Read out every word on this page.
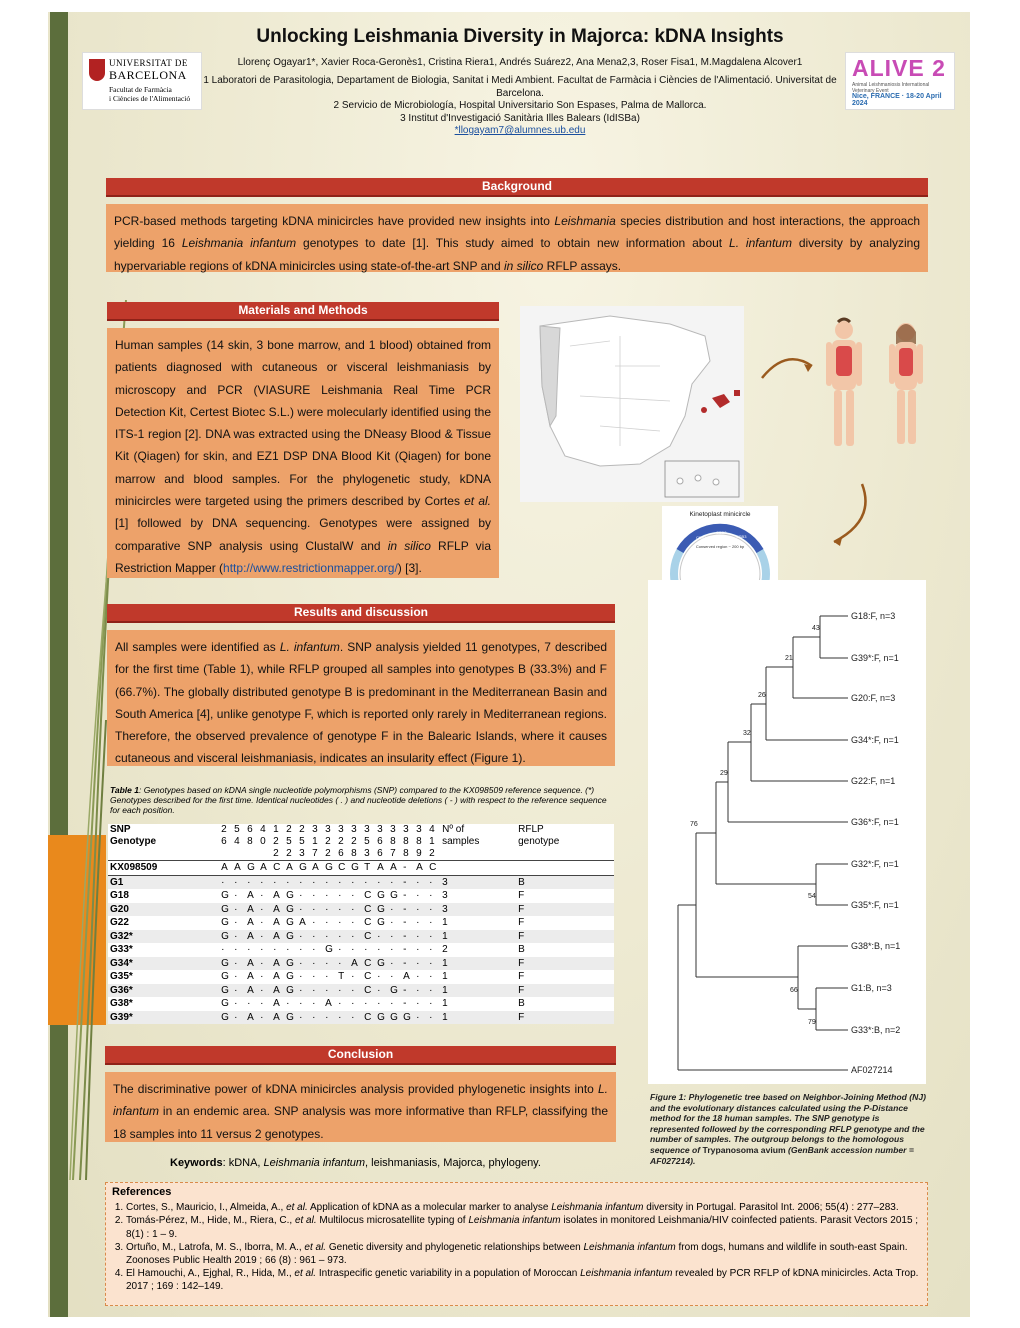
UNIVERSITAT DE
BARCELONA
Facultat de Farmàcia
i Ciències de l'Alimentació
ALIVE 2
Animal Leishmaniosis International Veterinary Event
Nice, FRANCE · 18-20 April 2024
Unlocking Leishmania Diversity in Majorca: kDNA Insights
Llorenç Ogayar1*, Xavier Roca-Geronès1, Cristina Riera1, Andrés Suárez2, Ana Mena2,3, Roser Fisa1, M.Magdalena Alcover1
1 Laboratori de Parasitologia, Departament de Biologia, Sanitat i Medi Ambient. Facultat de Farmàcia i Ciències de l'Alimentació. Universitat de Barcelona.
2 Servicio de Microbiología, Hospital Universitario Son Espases, Palma de Mallorca.
3 Institut d'Investigació Sanitària Illes Balears (IdISBa)
*llogayam7@alumnes.ub.edu
Background
PCR-based methods targeting kDNA minicircles have provided new insights into Leishmania species distribution and host interactions, the approach yielding 16 Leishmania infantum genotypes to date [1]. This study aimed to obtain new information about L. infantum diversity by analyzing hypervariable regions of kDNA minicircles using state-of-the-art SNP and in silico RFLP assays.
Materials and Methods
Human samples (14 skin, 3 bone marrow, and 1 blood) obtained from patients diagnosed with cutaneous or visceral leishmaniasis by microscopy and PCR (VIASURE Leishmania Real Time PCR Detection Kit, Certest Biotec S.L.) were molecularly identified using the ITS-1 region [2]. DNA was extracted using the DNeasy Blood & Tissue Kit (Qiagen) for skin, and EZ1 DSP DNA Blood Kit (Qiagen) for bone marrow and blood samples. For the phylogenetic study, kDNA minicircles were targeted using the primers described by Cortes et al. [1] followed by DNA sequencing. Genotypes were assigned by comparative SNP analysis using ClustalW and in silico RFLP via Restriction Mapper (http://www.restrictionmapper.org/) [3].
Kinetoplast minicircle
CSB1
CSB2
CSB3
Conserved region ~ 200 bp
G18:F, n=3
G39*:F, n=1
G20:F, n=3
G34*:F, n=1
G22:F, n=1
G36*:F, n=1
G32*:F, n=1
G35*:F, n=1
G38*:B, n=1
G1:B, n=3
G33*:B, n=2
AF027214
43
21
26
32
29
76
54
66
79
Figure 1: Phylogenetic tree based on Neighbor-Joining Method (NJ) and the evolutionary distances calculated using the P-Distance method for the 18 human samples. The SNP genotype is represented followed by the corresponding RFLP genotype and the number of samples. The outgroup belongs to the homologous sequence of Trypanosoma avium (GenBank accession number = AF027214).
Results and discussion
All samples were identified as L. infantum. SNP analysis yielded 11 genotypes, 7 described for the first time (Table 1), while RFLP grouped all samples into genotypes B (33.3%) and F (66.7%). The globally distributed genotype B is predominant in the Mediterranean Basin and South America [4], unlike genotype F, which is reported only rarely in Mediterranean regions. Therefore, the observed prevalence of genotype F in the Balearic Islands, where it causes cutaneous and visceral leishmaniasis, indicates an insularity effect (Figure 1).
Table 1: Genotypes based on kDNA single nucleotide polymorphisms (SNP) compared to the KX098509 reference sequence. (*) Genotypes described for the first time. Identical nucleotides ( . ) and nucleotide deletions ( - ) with respect to the reference sequence for each position.
SNP
Genotype	26	54	68	40	122	252	253	317	322	326	328	353	366	387	388	389	412	Nº of
samples	RFLP
genotype
KX098509	A	A	G	A	C	A	G	A	G	C	G	T	A	A	-	A	C		
G1	·	·	·	·	·	·	·	·	·	·	·	·	·	·	-	·	·	3	B
G18	G	·	A	·	A	G	·	·	·	·	·	C	G	G	-	·	·	3	F
G20	G	·	A	·	A	G	·	·	·	·	·	C	G	·	-	·	·	3	F
G22	G	·	A	·	A	G	A	·	·	·	·	C	G	·	-	·	·	1	F
G32*	G	·	A	·	A	G	·	·	·	·	·	C	·	·	-	·	·	1	F
G33*	·	·	·	·	·	·	·	·	G	·	·	·	·	·	-	·	·	2	B
G34*	G	·	A	·	A	G	·	·	·	·	A	C	G	·	-	·	·	1	F
G35*	G	·	A	·	A	G	·	·	·	T	·	C	·	·	A	·	·	1	F
G36*	G	·	A	·	A	G	·	·	·	·	·	C	·	G	-	·	·	1	F
G38*	G	·	·	·	A	·	·	·	A	·	·	·	·	·	-	·	·	1	B
G39*	G	·	A	·	A	G	·	·	·	·	·	C	G	G	G	·	·	1	F
Conclusion
The discriminative power of kDNA minicircles analysis provided phylogenetic insights into L. infantum in an endemic area. SNP analysis was more informative than RFLP, classifying the 18 samples into 11 versus 2 genotypes.
Keywords: kDNA, Leishmania infantum, leishmaniasis, Majorca, phylogeny.
References
1. Cortes, S., Mauricio, I., Almeida, A., et al. Application of kDNA as a molecular marker to analyse Leishmania infantum diversity in Portugal. Parasitol Int. 2006; 55(4) : 277–283.
2. Tomás-Pérez, M., Hide, M., Riera, C., et al. Multilocus microsatellite typing of Leishmania infantum isolates in monitored Leishmania/HIV coinfected patients. Parasit Vectors 2015 ; 8(1) : 1 – 9.
3. Ortuño, M., Latrofa, M. S., Iborra, M. A., et al. Genetic diversity and phylogenetic relationships between Leishmania infantum from dogs, humans and wildlife in south-east Spain. Zoonoses Public Health 2019 ; 66 (8) : 961 – 973.
4. El Hamouchi, A., Ejghal, R., Hida, M., et al. Intraspecific genetic variability in a population of Moroccan Leishmania infantum revealed by PCR RFLP of kDNA minicircles. Acta Trop. 2017 ; 169 : 142–149.
